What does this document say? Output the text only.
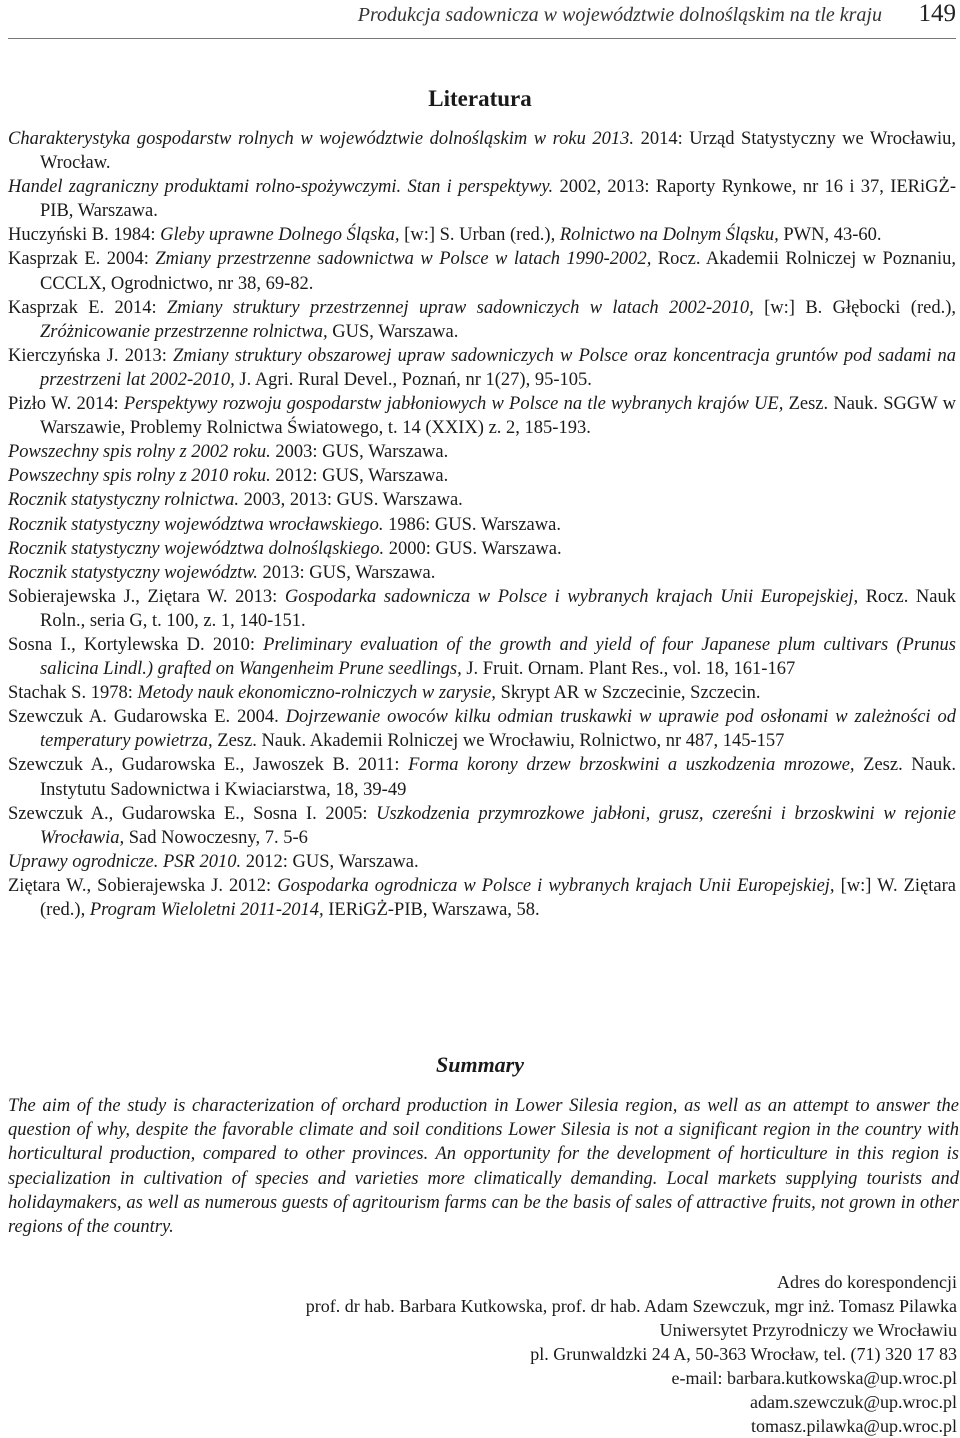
Produkcja sadownicza w województwie dolnośląskim na tle kraju 149
Literatura

Charakterystyka gospodarstw rolnych w województwie dolnośląskim w roku 2013. 2014: Urząd Statystyczny we Wrocławiu, Wrocław.

Handel zagraniczny produktami rolno-spożywczymi. Stan i perspektywy. 2002, 2013: Raporty Rynkowe, nr 16 i 37, IERiGŻ-PIB, Warszawa.

Huczyński B. 1984: Gleby uprawne Dolnego Śląska, [w:] S. Urban (red.), Rolnictwo na Dolnym Śląsku, PWN, 43-60.

Kasprzak E. 2004: Zmiany przestrzenne sadownictwa w Polsce w latach 1990-2002, Rocz. Akademii Rolniczej w Poznaniu, CCCLX, Ogrodnictwo, nr 38, 69-82.

Kasprzak E. 2014: Zmiany struktury przestrzennej upraw sadowniczych w latach 2002-2010, [w:] B. Głębocki (red.), Zróżnicowanie przestrzenne rolnictwa, GUS, Warszawa.

Kierczyńska J. 2013: Zmiany struktury obszarowej upraw sadowniczych w Polsce oraz koncentracja gruntów pod sadami na przestrzeni lat 2002-2010, J. Agri. Rural Devel., Poznań, nr 1(27), 95-105.

Pizło W. 2014: Perspektywy rozwoju gospodarstw jabłoniowych w Polsce na tle wybranych krajów UE, Zesz. Nauk. SGGW w Warszawie, Problemy Rolnictwa Światowego, t. 14 (XXIX) z. 2, 185-193.

Powszechny spis rolny z 2002 roku. 2003: GUS, Warszawa.

Powszechny spis rolny z 2010 roku. 2012: GUS, Warszawa.

Rocznik statystyczny rolnictwa. 2003, 2013: GUS. Warszawa.

Rocznik statystyczny województwa wrocławskiego. 1986: GUS. Warszawa.

Rocznik statystyczny województwa dolnośląskiego. 2000: GUS. Warszawa.

Rocznik statystyczny województw. 2013: GUS, Warszawa.

Sobierajewska J., Ziętara W. 2013: Gospodarka sadownicza w Polsce i wybranych krajach Unii Europejskiej, Rocz. Nauk Roln., seria G, t. 100, z. 1, 140-151.

Sosna I., Kortylewska D. 2010: Preliminary evaluation of the growth and yield of four Japanese plum cultivars (Prunus salicina Lindl.) grafted on Wangenheim Prune seedlings, J. Fruit. Ornam. Plant Res., vol. 18, 161-167

Stachak S. 1978: Metody nauk ekonomiczno-rolniczych w zarysie, Skrypt AR w Szczecinie, Szczecin.

Szewczuk A. Gudarowska E. 2004. Dojrzewanie owoców kilku odmian truskawki w uprawie pod osłonami w zależności od temperatury powietrza, Zesz. Nauk. Akademii Rolniczej we Wrocławiu, Rolnictwo, nr 487, 145-157

Szewczuk A., Gudarowska E., Jawoszek B. 2011: Forma korony drzew brzoskwini a uszkodzenia mrozowe, Zesz. Nauk. Instytutu Sadownictwa i Kwiaciarstwa, 18, 39-49

Szewczuk A., Gudarowska E., Sosna I. 2005: Uszkodzenia przymrozkowe jabłoni, grusz, czereśni i brzoskwini w rejonie Wrocławia, Sad Nowoczesny, 7. 5-6

Uprawy ogrodnicze. PSR 2010. 2012: GUS, Warszawa.

Ziętara W., Sobierajewska J. 2012: Gospodarka ogrodnicza w Polsce i wybranych krajach Unii Europejskiej, [w:] W. Ziętara (red.), Program Wieloletni 2011-2014, IERiGŻ-PIB, Warszawa, 58.

Summary

The aim of the study is characterization of orchard production in Lower Silesia region, as well as an attempt to answer the question of why, despite the favorable climate and soil conditions Lower Silesia is not a significant region in the country with horticultural production, compared to other provinces. An opportunity for the development of horticulture in this region is specialization in cultivation of species and varieties more climatically demanding. Local markets supplying tourists and holidaymakers, as well as numerous guests of agritourism farms can be the basis of sales of attractive fruits, not grown in other regions of the country.

Adres do korespondencji
prof. dr hab. Barbara Kutkowska, prof. dr hab. Adam Szewczuk, mgr inż. Tomasz Pilawka
Uniwersytet Przyrodniczy we Wrocławiu
pl. Grunwaldzki 24 A, 50-363 Wrocław, tel. (71) 320 17 83
e-mail: barbara.kutkowska@up.wroc.pl
adam.szewczuk@up.wroc.pl
tomasz.pilawka@up.wroc.pl
